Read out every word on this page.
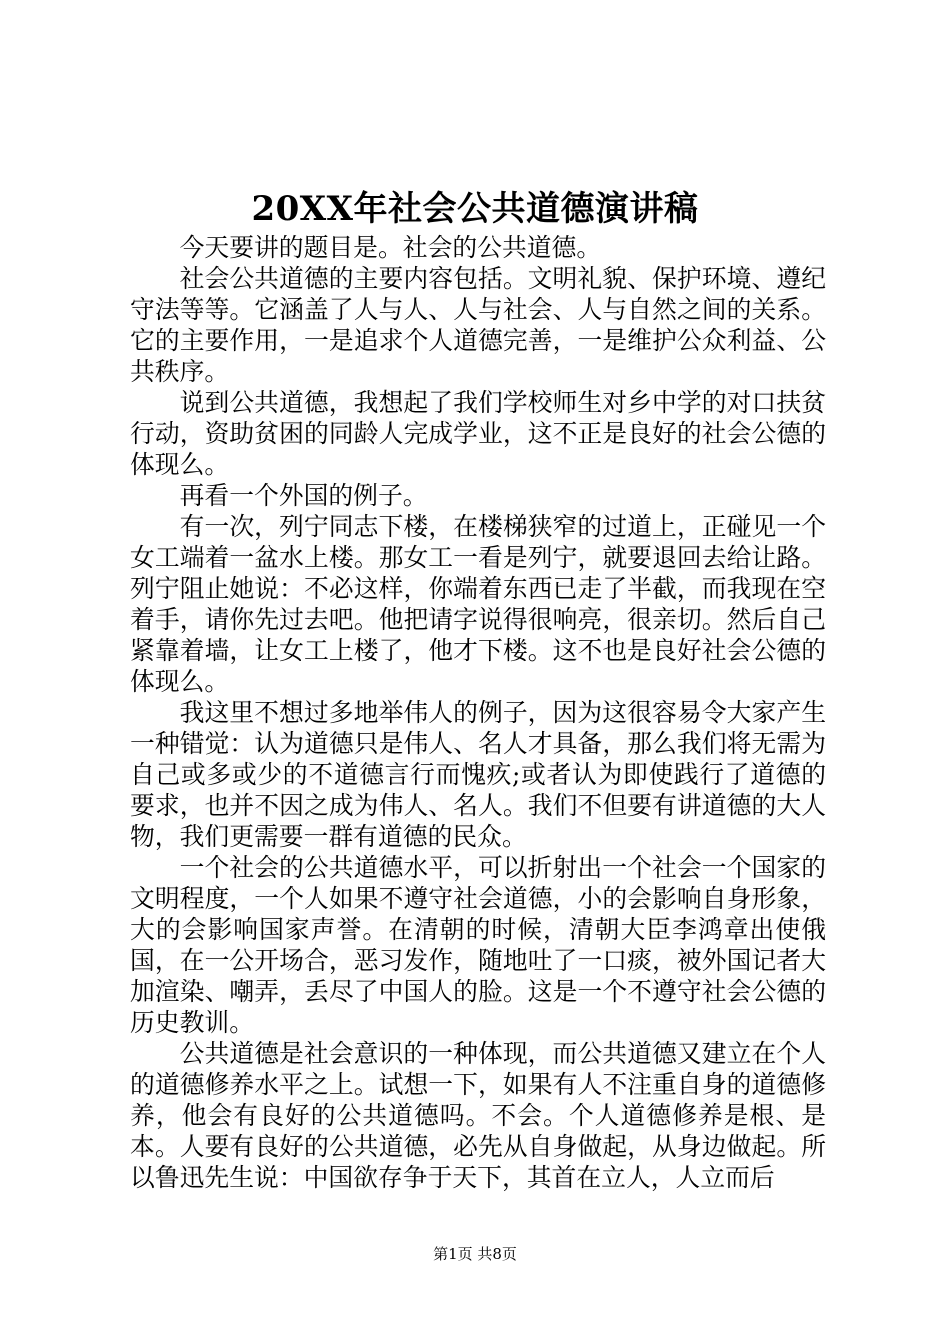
20XX年社会公共道德演讲稿

今天要讲的题目是。社会的公共道德。

社会公共道德的主要内容包括。文明礼貌、保护环境、遵纪守法等等。它涵盖了人与人、人与社会、人与自然之间的关系。它的主要作用，一是追求个人道德完善，一是维护公众利益、公共秩序。

说到公共道德，我想起了我们学校师生对乡中学的对口扶贫行动，资助贫困的同龄人完成学业，这不正是良好的社会公德的体现么。

再看一个外国的例子。

有一次，列宁同志下楼，在楼梯狭窄的过道上，正碰见一个女工端着一盆水上楼。那女工一看是列宁，就要退回去给让路。列宁阻止她说：不必这样，你端着东西已走了半截，而我现在空着手，请你先过去吧。他把请字说得很响亮，很亲切。然后自己紧靠着墙，让女工上楼了，他才下楼。这不也是良好社会公德的体现么。

我这里不想过多地举伟人的例子，因为这很容易令大家产生一种错觉：认为道德只是伟人、名人才具备，那么我们将无需为自己或多或少的不道德言行而愧疚;或者认为即使践行了道德的要求，也并不因之成为伟人、名人。我们不但要有讲道德的大人物，我们更需要一群有道德的民众。

一个社会的公共道德水平，可以折射出一个社会一个国家的文明程度，一个人如果不遵守社会道德，小的会影响自身形象，大的会影响国家声誉。在清朝的时候，清朝大臣李鸿章出使俄国，在一公开场合，恶习发作，随地吐了一口痰，被外国记者大加渲染、嘲弄，丢尽了中国人的脸。这是一个不遵守社会公德的历史教训。

公共道德是社会意识的一种体现，而公共道德又建立在个人的道德修养水平之上。试想一下，如果有人不注重自身的道德修养，他会有良好的公共道德吗。不会。个人道德修养是根、是本。人要有良好的公共道德，必先从自身做起，从身边做起。所以鲁迅先生说：中国欲存争于天下，其首在立人，人立而后

第1页 共8页
